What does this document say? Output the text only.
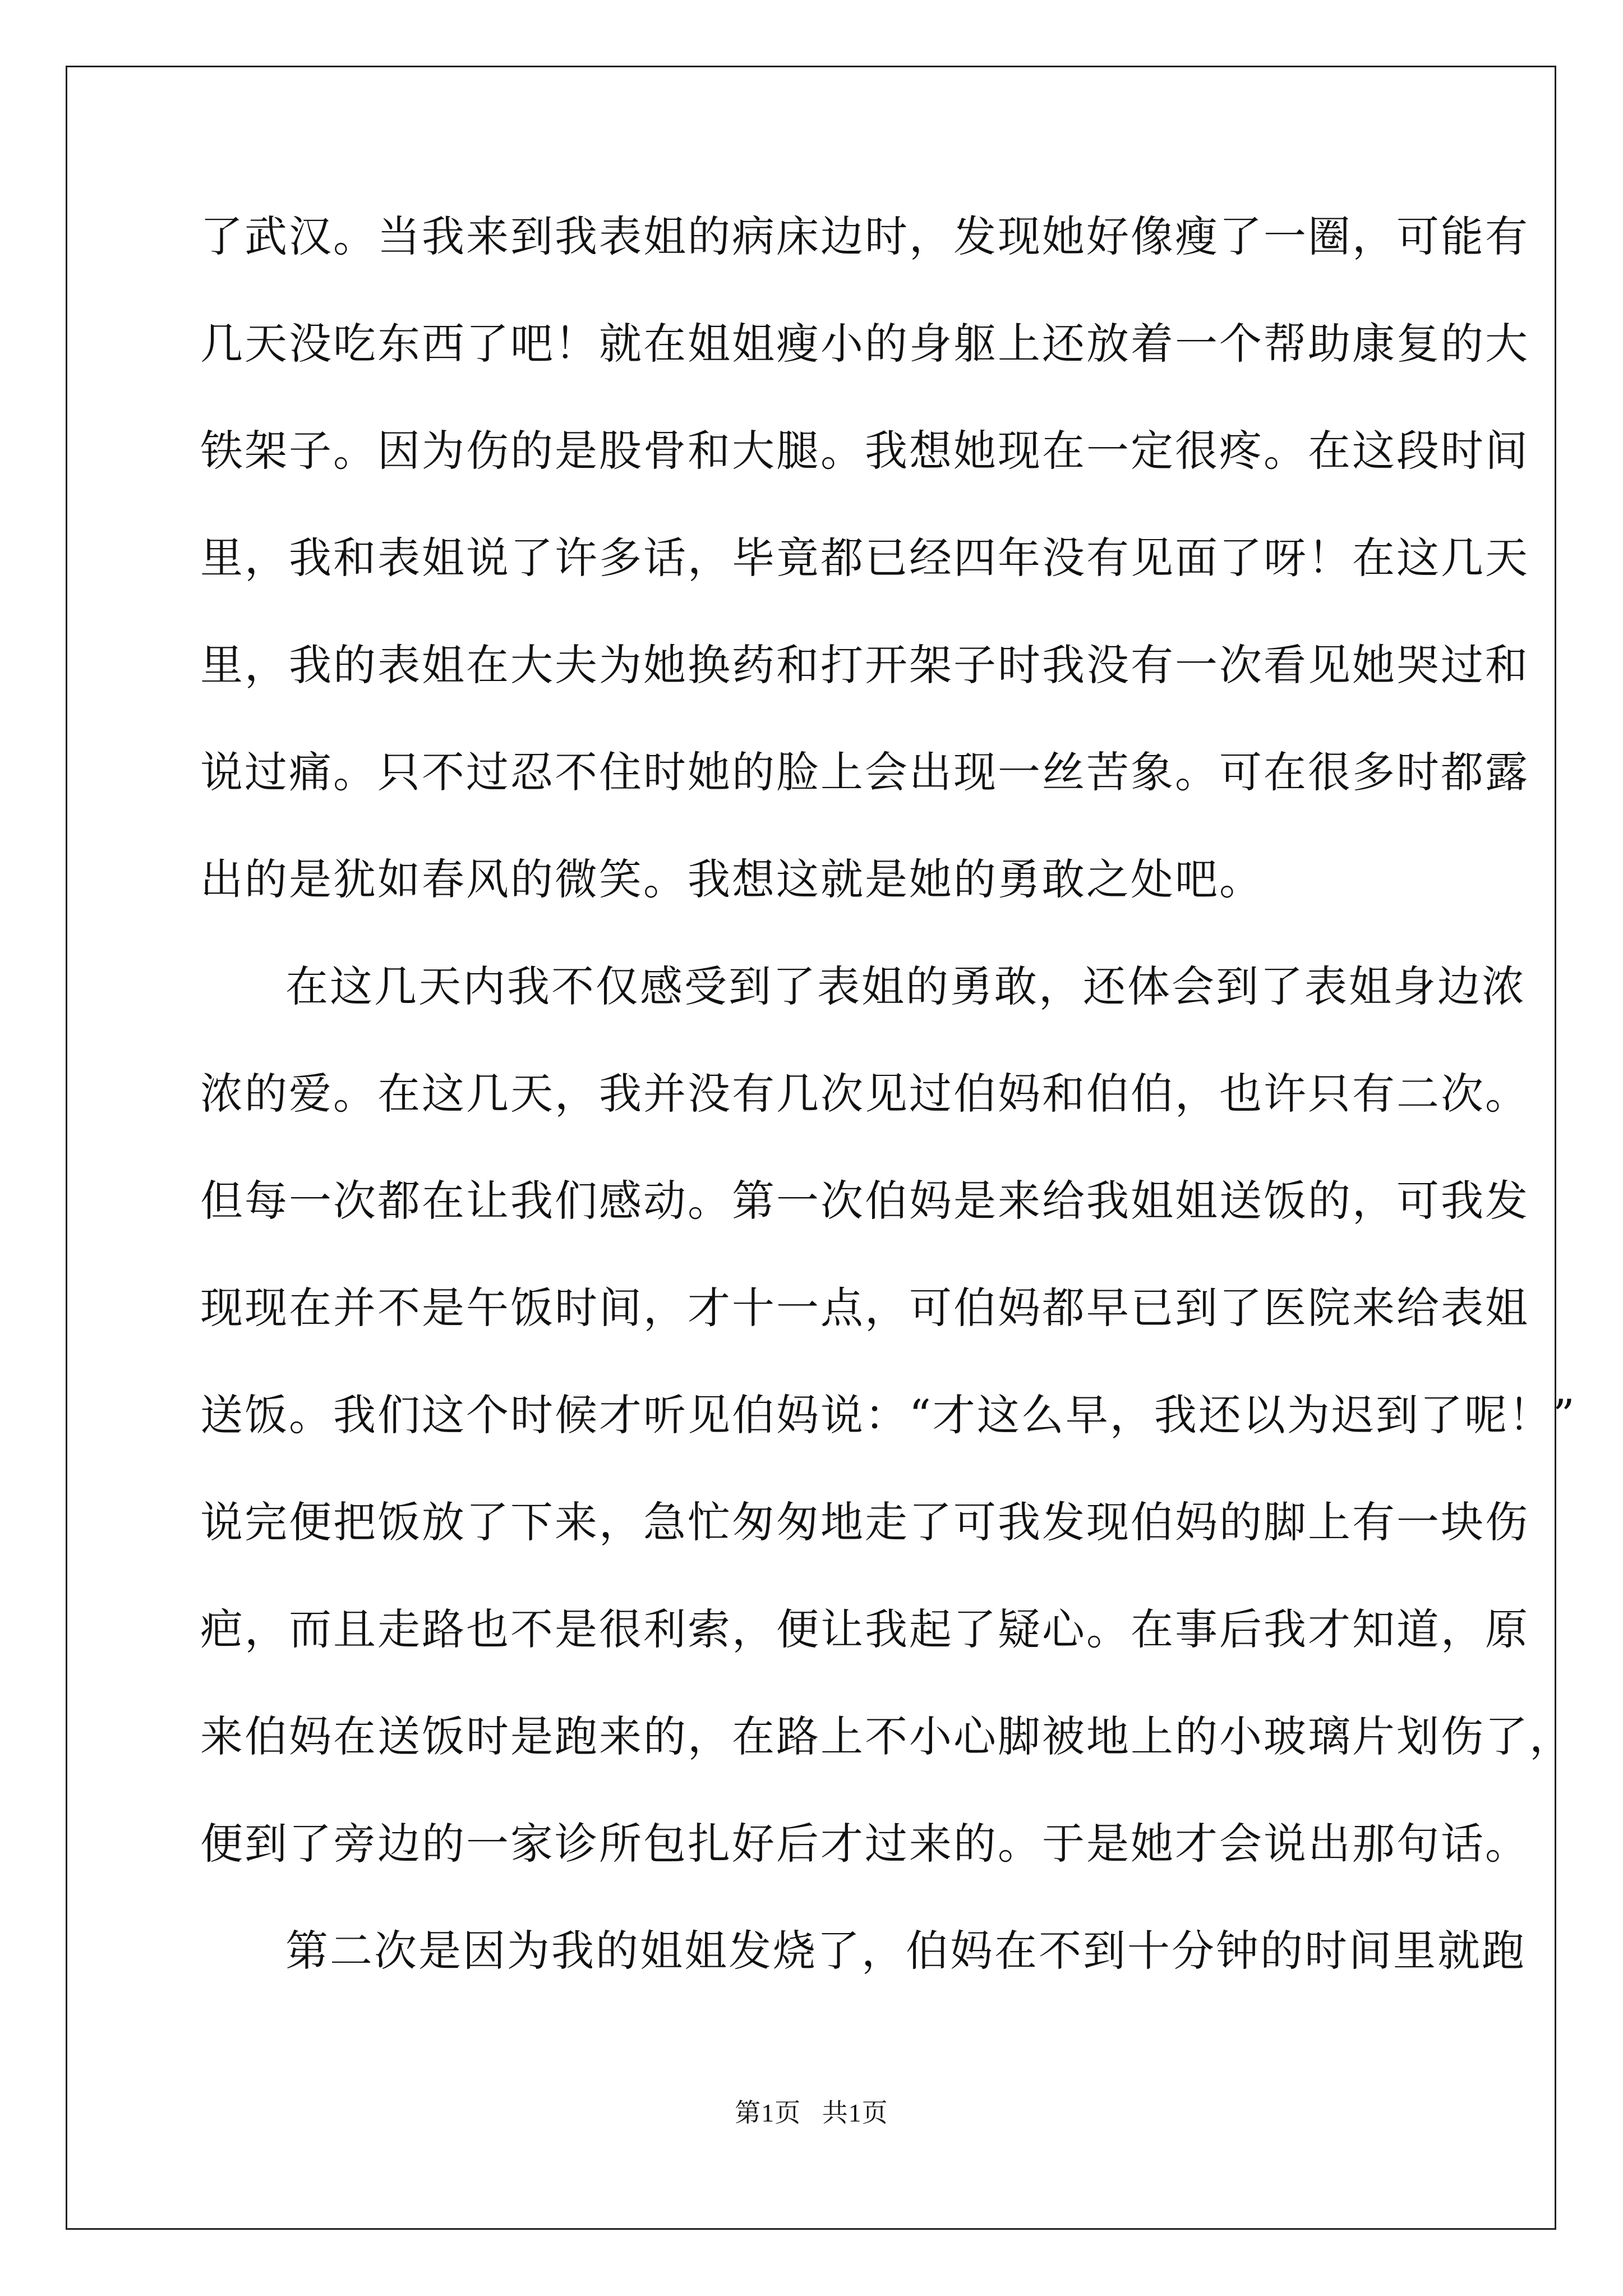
了武汉。当我来到我表姐的病床边时，发现她好像瘦了一圈，可能有
几天没吃东西了吧！就在姐姐瘦小的身躯上还放着一个帮助康复的大
铁架子。因为伤的是股骨和大腿。我想她现在一定很疼。在这段时间
里，我和表姐说了许多话，毕竟都已经四年没有见面了呀！在这几天
里，我的表姐在大夫为她换药和打开架子时我没有一次看见她哭过和
说过痛。只不过忍不住时她的脸上会出现一丝苦象。可在很多时都露
出的是犹如春风的微笑。我想这就是她的勇敢之处吧。
在这几天内我不仅感受到了表姐的勇敢，还体会到了表姐身边浓
浓的爱。在这几天，我并没有几次见过伯妈和伯伯，也许只有二次。
但每一次都在让我们感动。第一次伯妈是来给我姐姐送饭的，可我发
现现在并不是午饭时间，才十一点，可伯妈都早已到了医院来给表姐
送饭。我们这个时候才听见伯妈说：“才这么早，我还以为迟到了呢！”
说完便把饭放了下来，急忙匆匆地走了可我发现伯妈的脚上有一块伤
疤，而且走路也不是很利索，便让我起了疑心。在事后我才知道，原
来伯妈在送饭时是跑来的，在路上不小心脚被地上的小玻璃片划伤了，
便到了旁边的一家诊所包扎好后才过来的。于是她才会说出那句话。
第二次是因为我的姐姐发烧了，伯妈在不到十分钟的时间里就跑
第1页   共1页
